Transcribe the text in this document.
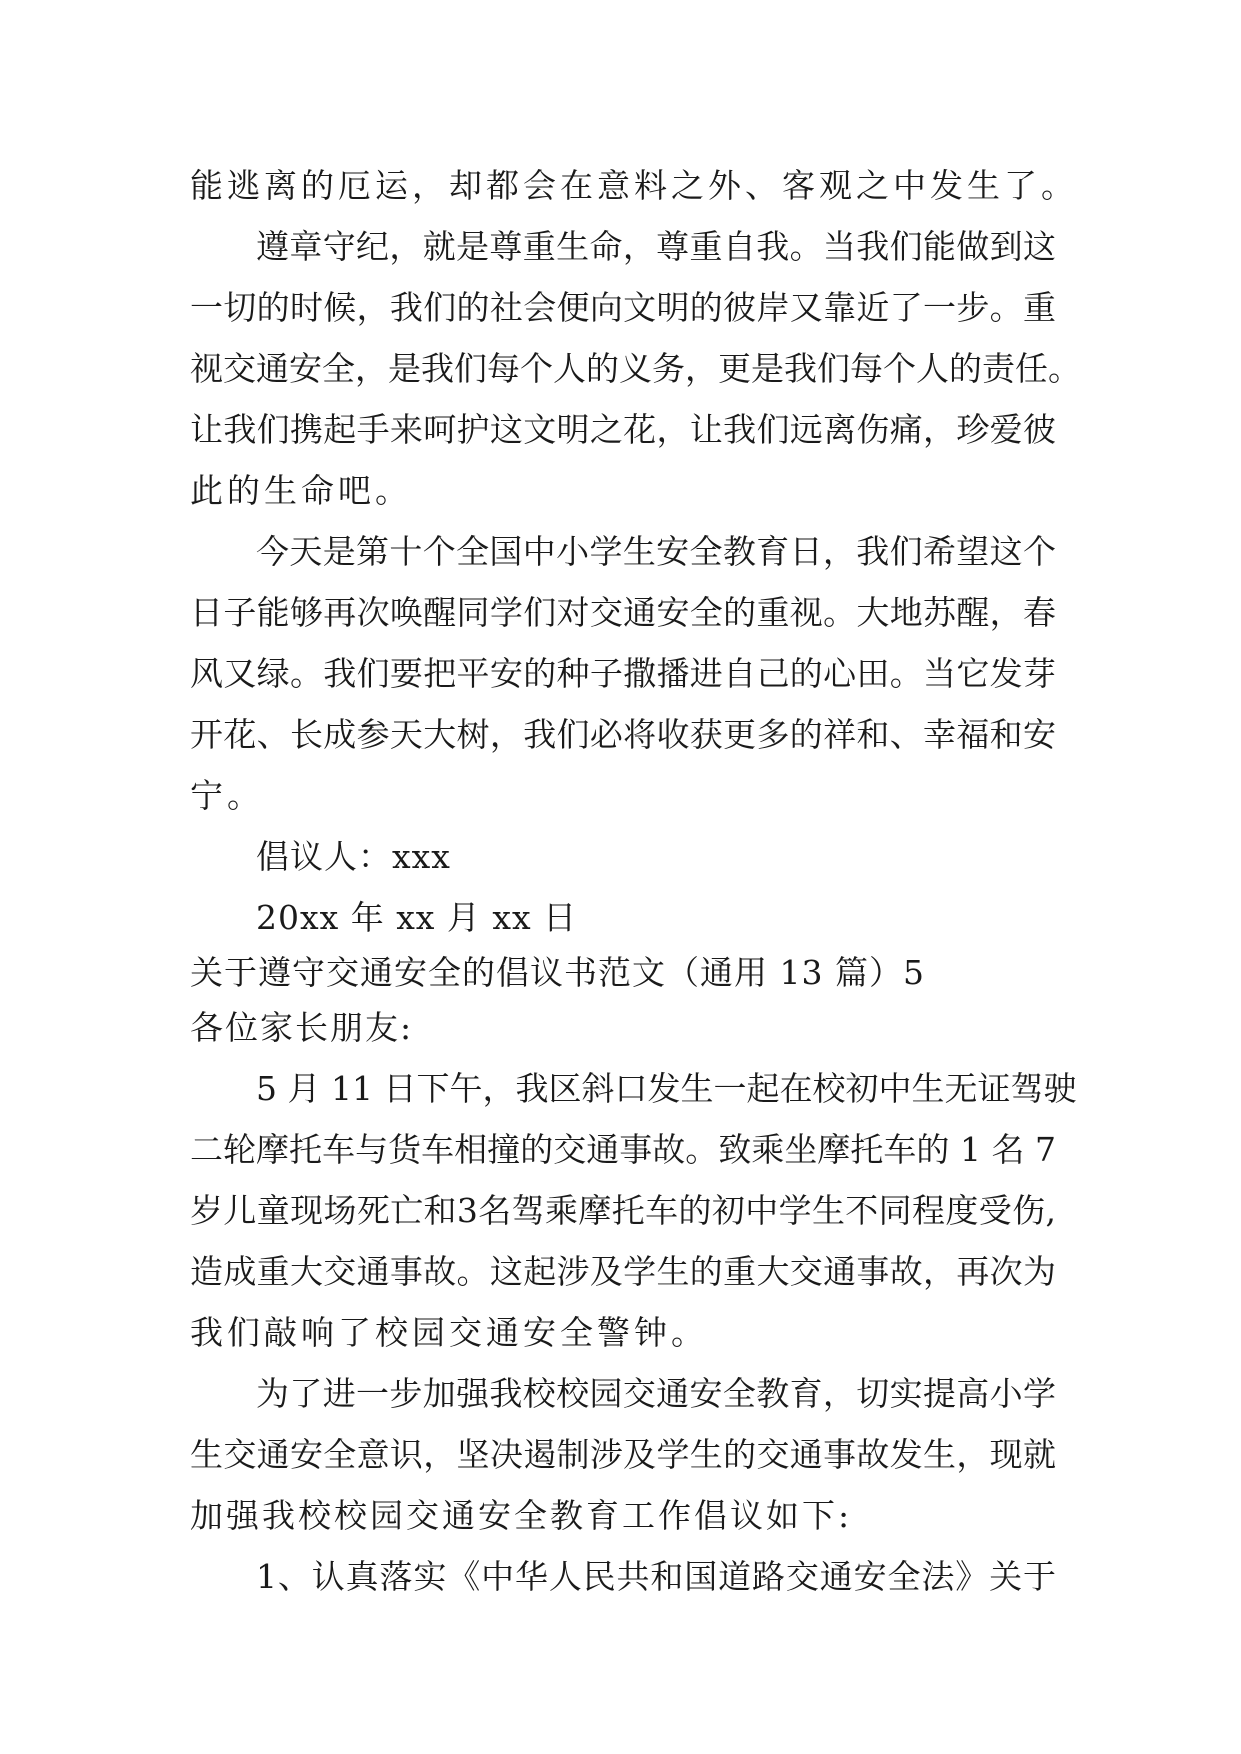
能逃离的厄运，却都会在意料之外、客观之中发生了。
遵章守纪，就是尊重生命，尊重自我。当我们能做到这
一切的时候，我们的社会便向文明的彼岸又靠近了一步。重
视交通安全，是我们每个人的义务，更是我们每个人的责任。
让我们携起手来呵护这文明之花，让我们远离伤痛，珍爱彼
此的生命吧。
今天是第十个全国中小学生安全教育日，我们希望这个
日子能够再次唤醒同学们对交通安全的重视。大地苏醒，春
风又绿。我们要把平安的种子撒播进自己的心田。当它发芽
开花、长成参天大树，我们必将收获更多的祥和、幸福和安
宁。
倡议人：xxx
20xx 年 xx 月 xx 日
关于遵守交通安全的倡议书范文（通用 13 篇）5
各位家长朋友:
5 月 11 日下午，我区斜口发生一起在校初中生无证驾驶
二轮摩托车与货车相撞的交通事故。致乘坐摩托车的 1 名 7
岁儿童现场死亡和3名驾乘摩托车的初中学生不同程度受伤,
造成重大交通事故。这起涉及学生的重大交通事故，再次为
我们敲响了校园交通安全警钟。
为了进一步加强我校校园交通安全教育，切实提高小学
生交通安全意识，坚决遏制涉及学生的交通事故发生，现就
加强我校校园交通安全教育工作倡议如下:
1、认真落实《中华人民共和国道路交通安全法》关于
